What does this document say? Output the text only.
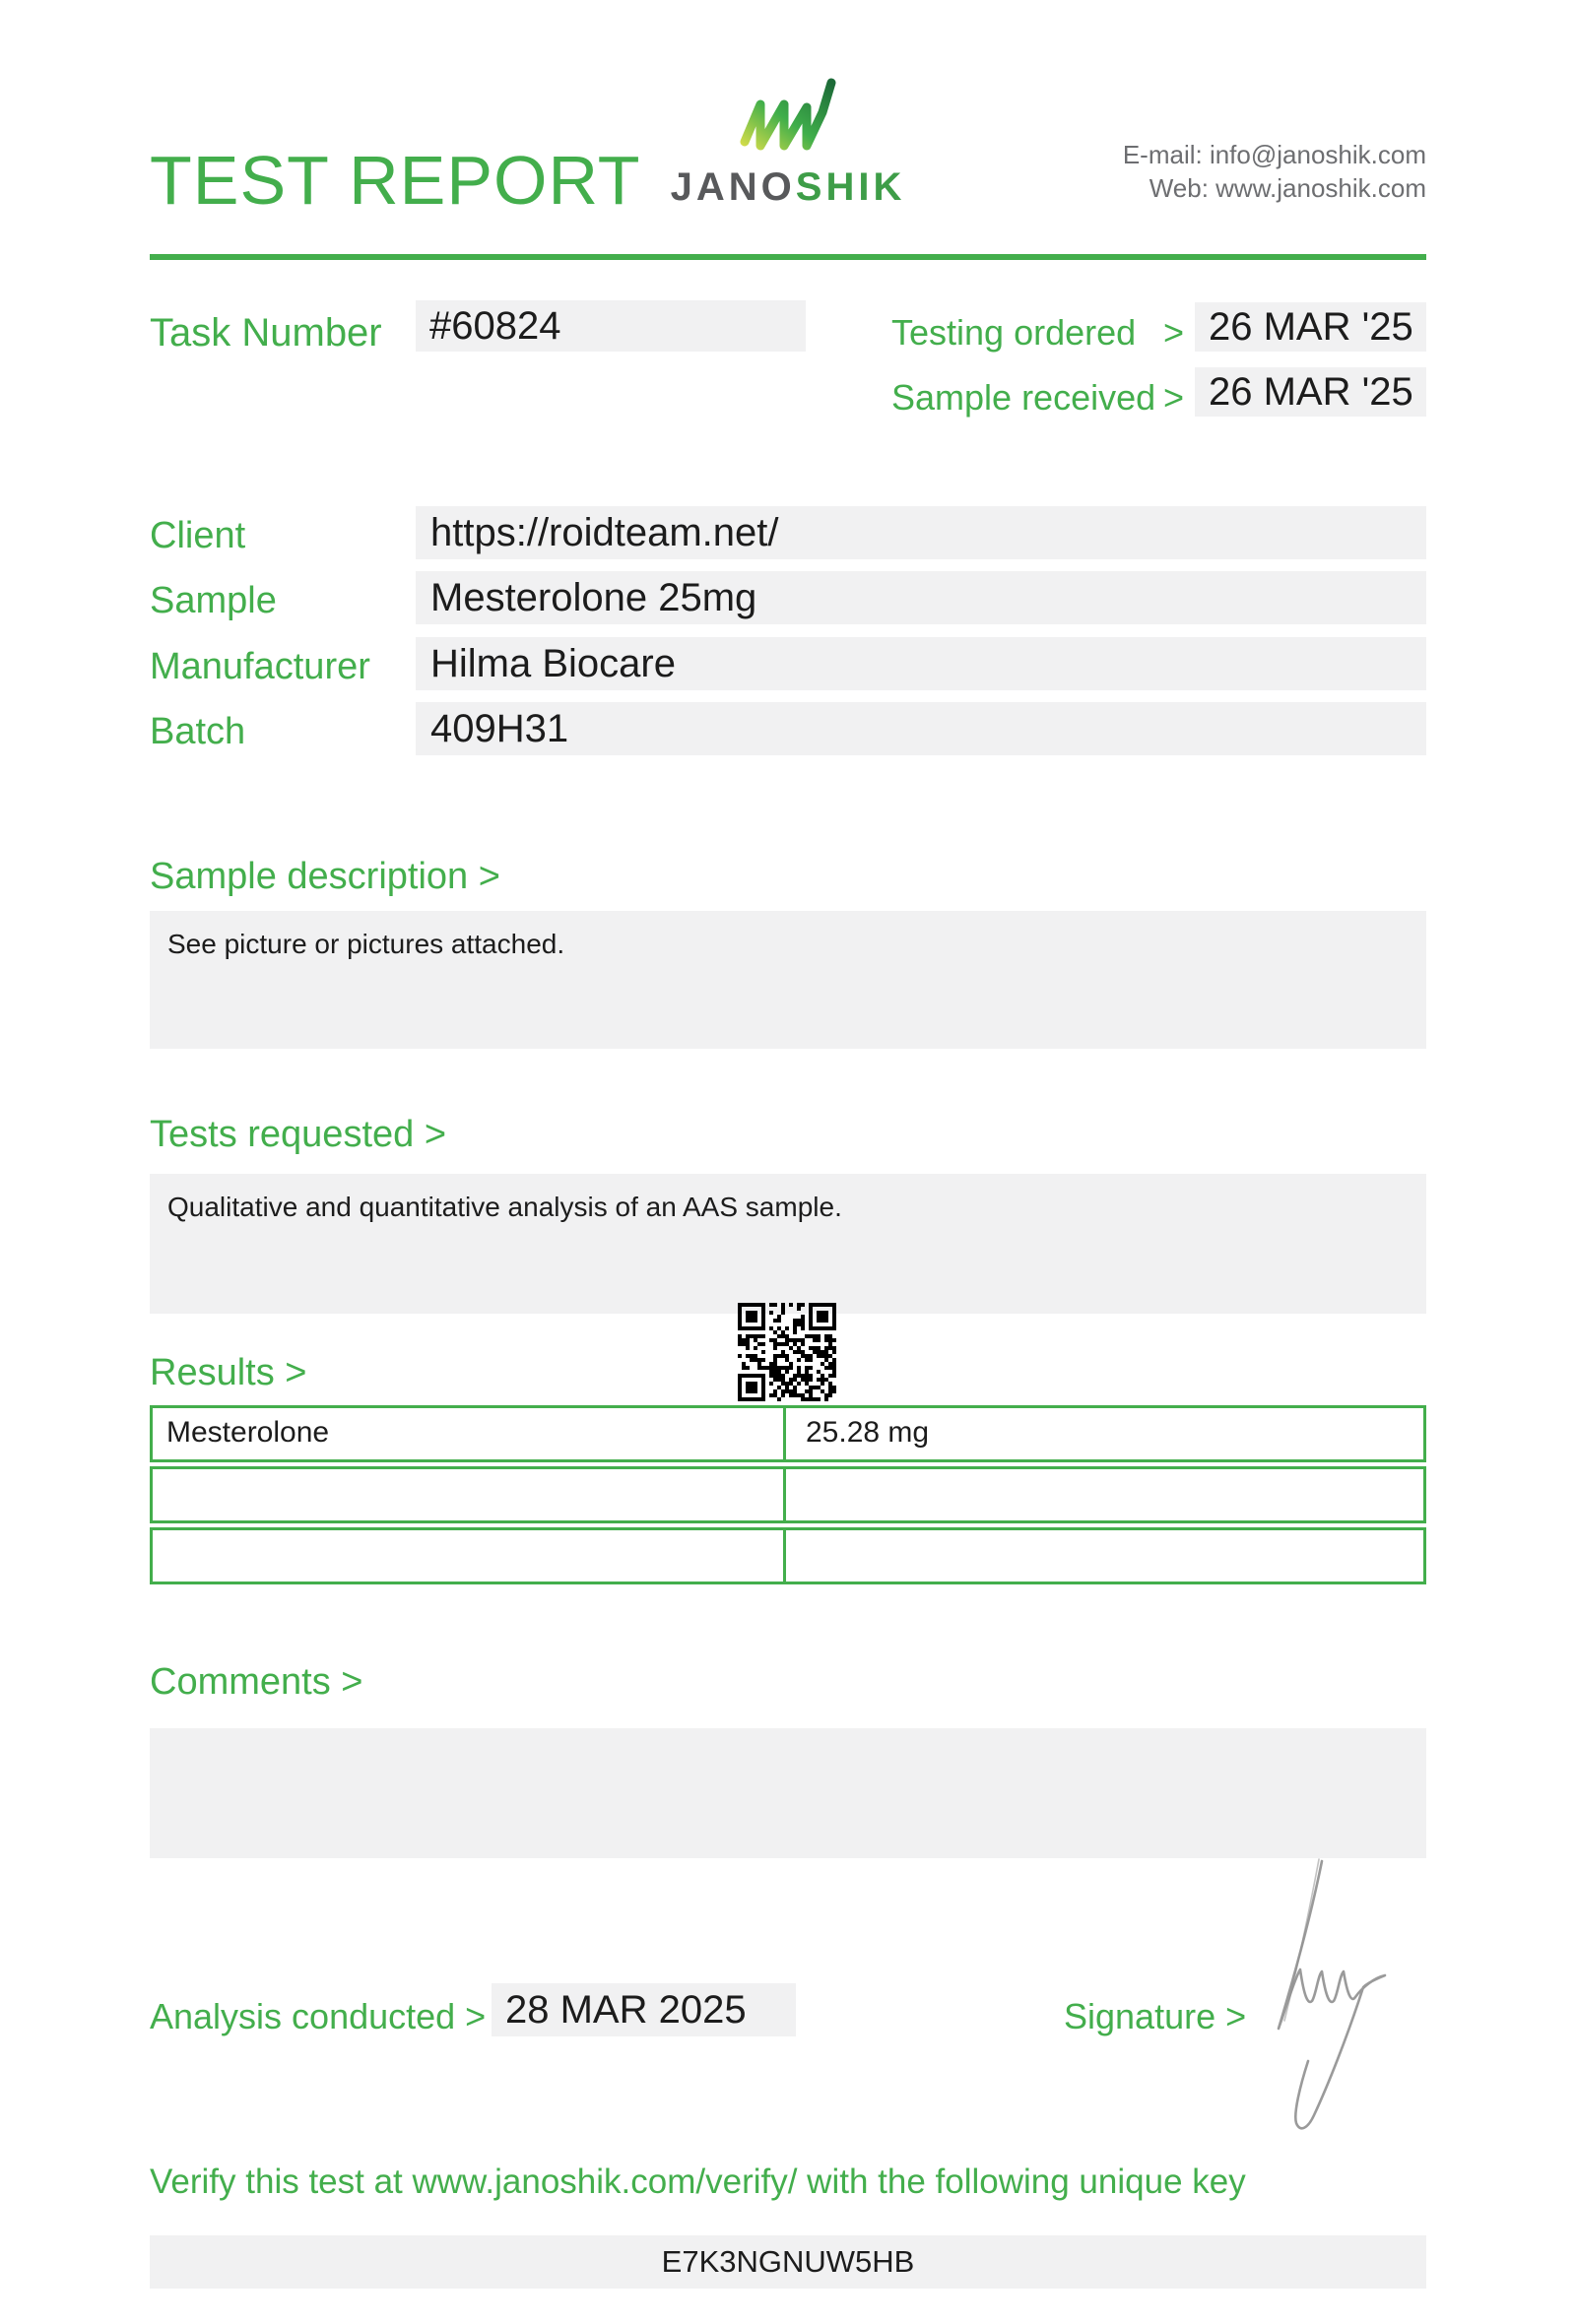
TEST REPORT JANOSHIK
E-mail: info@janoshik.com
Web: www.janoshik.com
Task Number	#60824	Testing ordered > 26 MAR '25
Sample received > 26 MAR '25
Client	https://roidteam.net/
Sample	Mesterolone 25mg
Manufacturer	Hilma Biocare
Batch	409H31
Sample description >
See picture or pictures attached.
Tests requested >
Qualitative and quantitative analysis of an AAS sample.
Results >
Mesterolone	25.28 mg
Comments >
Analysis conducted > 28 MAR 2025	Signature >
Verify this test at www.janoshik.com/verify/ with the following unique key
E7K3NGNUW5HB
